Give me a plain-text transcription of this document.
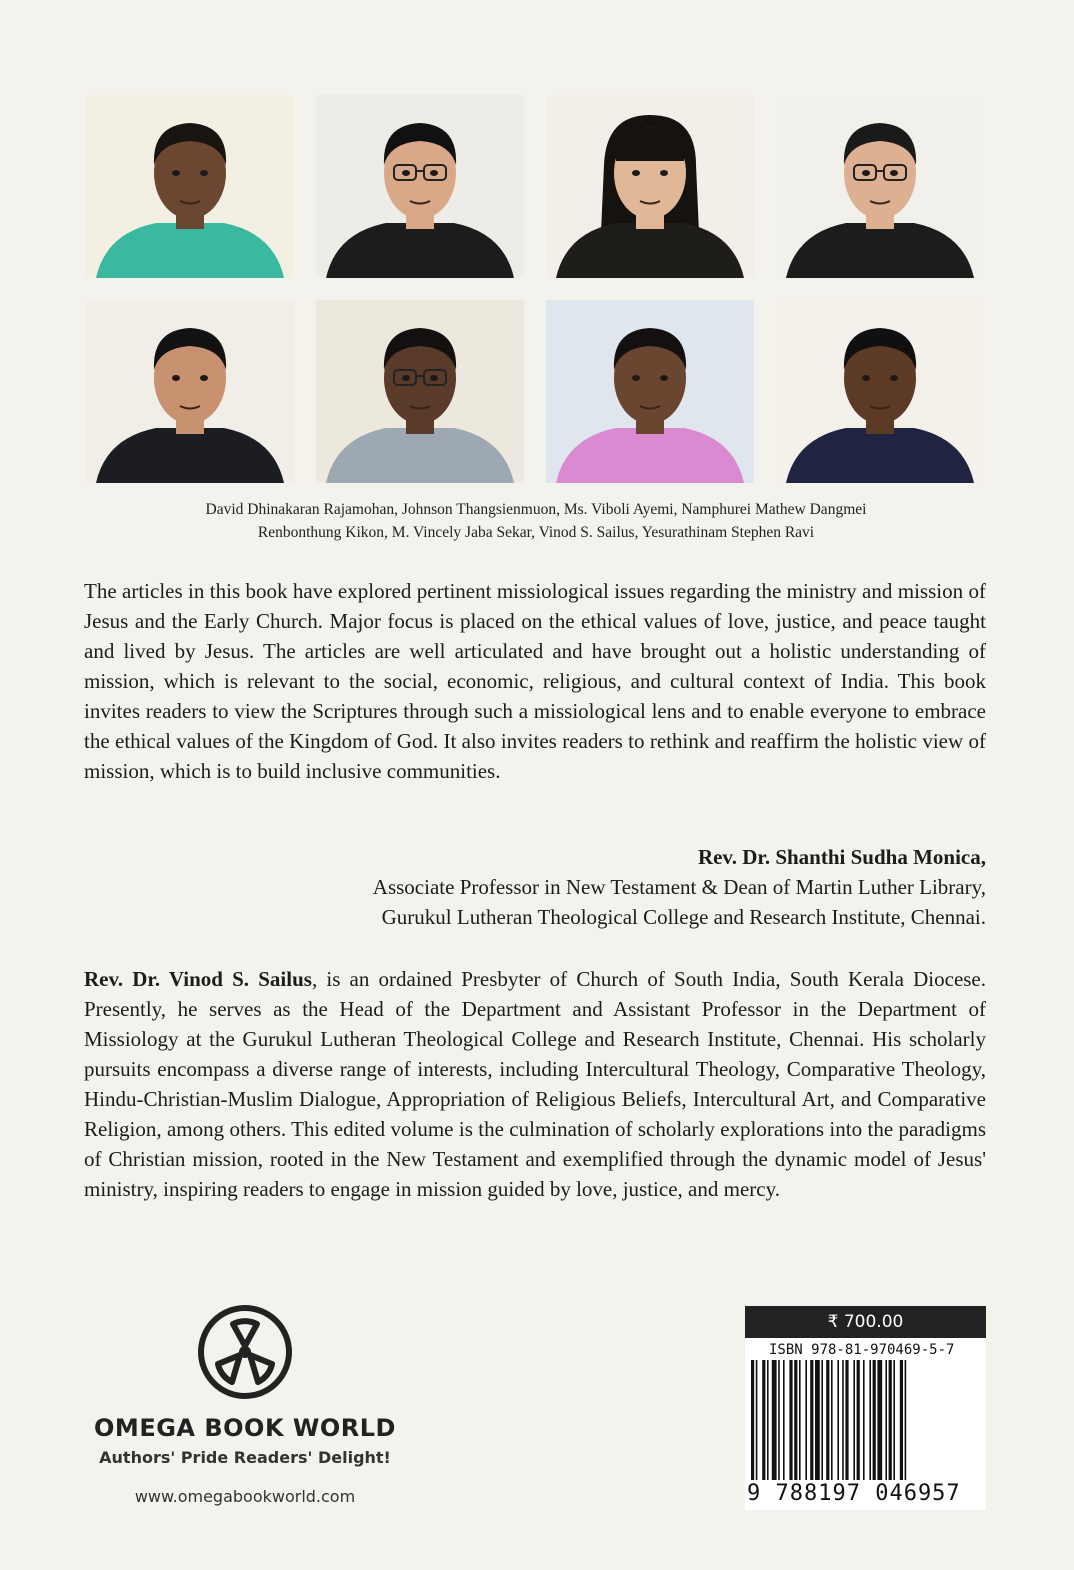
David Dhinakaran Rajamohan, Johnson Thangsienmuon, Ms. Viboli Ayemi, Namphurei Mathew Dangmei
Renbonthung Kikon, M. Vincely Jaba Sekar, Vinod S. Sailus, Yesurathinam Stephen Ravi

The articles in this book have explored pertinent missiological issues regarding the ministry and mission of Jesus and the Early Church. Major focus is placed on the ethical values of love, justice, and peace taught and lived by Jesus. The articles are well articulated and have brought out a holistic understanding of mission, which is relevant to the social, economic, religious, and cultural context of India. This book invites readers to view the Scriptures through such a missiological lens and to enable everyone to embrace the ethical values of the Kingdom of God. It also invites readers to rethink and reaffirm the holistic view of mission, which is to build inclusive communities.

Rev. Dr. Shanthi Sudha Monica,
Associate Professor in New Testament & Dean of Martin Luther Library,
Gurukul Lutheran Theological College and Research Institute, Chennai.

Rev. Dr. Vinod S. Sailus, is an ordained Presbyter of Church of South India, South Kerala Diocese. Presently, he serves as the Head of the Department and Assistant Professor in the Department of Missiology at the Gurukul Lutheran Theological College and Research Institute, Chennai. His scholarly pursuits encompass a diverse range of interests, including Intercultural Theology, Comparative Theology, Hindu-Christian-Muslim Dialogue, Appropriation of Religious Beliefs, Intercultural Art, and Comparative Religion, among others. This edited volume is the culmination of scholarly explorations into the paradigms of Christian mission, rooted in the New Testament and exemplified through the dynamic model of Jesus' ministry, inspiring readers to engage in mission guided by love, justice, and mercy.

OMEGA BOOK WORLD
Authors' Pride Readers' Delight!
www.omegabookworld.com
₹ 700.00
ISBN 978-81-970469-5-7
9 788197 046957
